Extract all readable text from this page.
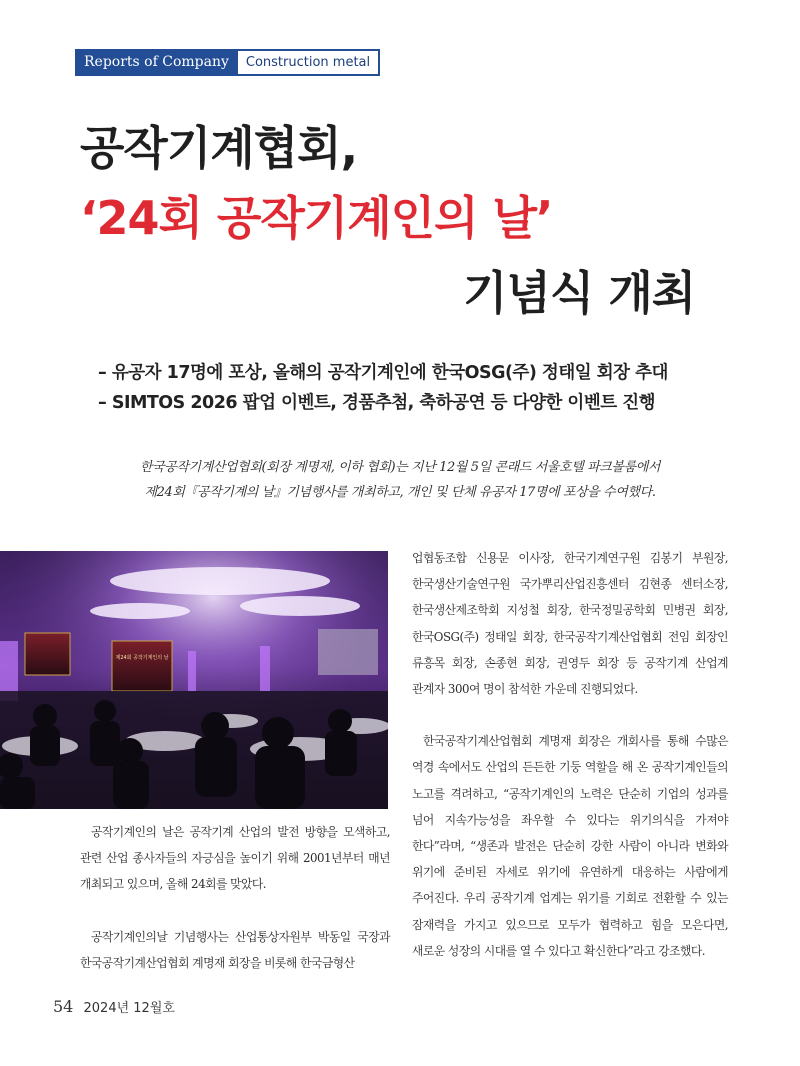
Reports of Company	Construction metal
공작기계협회,
‘24회 공작기계인의 날’
기념식 개최
– 유공자 17명에 포상, 올해의 공작기계인에 한국OSG(주) 정태일 회장 추대
– SIMTOS 2026 팝업 이벤트, 경품추첨, 축하공연 등 다양한 이벤트 진행
한국공작기계산업협회(회장 계명재, 이하 협회)는 지난 12월 5일 콘래드 서울호텔 파크볼룸에서
제24회『공작기계의 날』기념행사를 개최하고, 개인 및 단체 유공자 17명에 포상을 수여했다.
제24회 공작기계인의 날

공작기계인의 날은 공작기계 산업의 발전 방향을 모색하고, 관련 산업 종사자들의 자긍심을 높이기 위해 2001년부터 매년 개최되고 있으며, 올해 24회를 맞았다.

공작기계인의날 기념행사는 산업통상자원부 박동일 국장과 한국공작기계산업협회 계명재 회장을 비롯해 한국금형산

업협동조합 신용문 이사장, 한국기계연구원 김봉기 부원장, 한국생산기술연구원 국가뿌리산업진흥센터 김현종 센터소장, 한국생산제조학회 지성철 회장, 한국정밀공학회 민병권 회장, 한국OSG(주) 정태일 회장, 한국공작기계산업협회 전임 회장인 류흥목 회장, 손종현 회장, 권영두 회장 등 공작기계 산업계 관계자 300여 명이 참석한 가운데 진행되었다.

한국공작기계산업협회 계명재 회장은 개회사를 통해 수많은 역경 속에서도 산업의 든든한 기둥 역할을 해 온 공작기계인들의 노고를 격려하고, “공작기계인의 노력은 단순히 기업의 성과를 넘어 지속가능성을 좌우할 수 있다는 위기의식을 가져야 한다”라며, “생존과 발전은 단순히 강한 사람이 아니라 변화와 위기에 준비된 자세로 위기에 유연하게 대응하는 사람에게 주어진다. 우리 공작기계 업계는 위기를 기회로 전환할 수 있는 잠재력을 가지고 있으므로 모두가 협력하고 힘을 모은다면, 새로운 성장의 시대를 열 수 있다고 확신한다”라고 강조했다.

54 2024년 12월호
